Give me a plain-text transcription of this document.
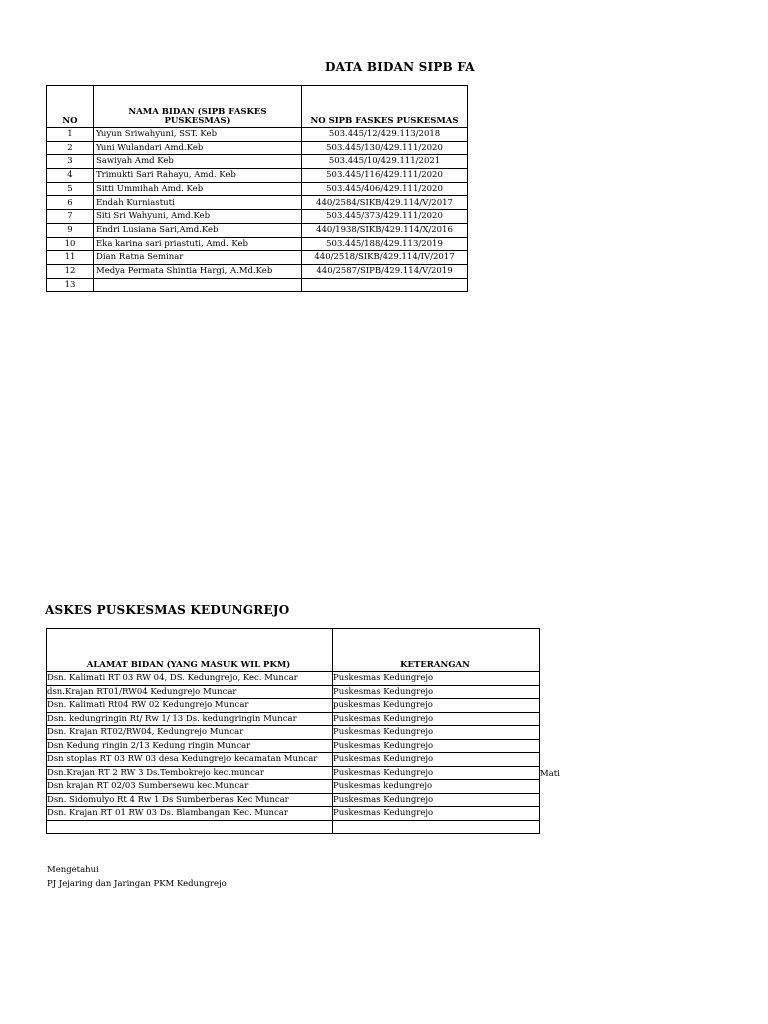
DATA BIDAN SIPB FA
NO	NAMA BIDAN (SIPB FASKES PUSKESMAS)	NO SIPB FASKES PUSKESMAS
1	Yuyun Sriwahyuni, SST. Keb	503.445/12/429.113/2018
2	Yuni Wulandari Amd.Keb	503.445/130/429.111/2020
3	Sawiyah Amd Keb	503.445/10/429.111/2021
4	Trimukti Sari Rahayu, Amd. Keb	503.445/116/429.111/2020
5	Sitti Ummihah Amd. Keb	503.445/406/429.111/2020
6	Endah Kurniastuti	440/2584/SIKB/429.114/V/2017
7	Siti Sri Wahyuni, Amd.Keb	503.445/373/429.111/2020
9	Endri Lusiana Sari,Amd.Keb	440/1938/SIKB/429.114/X/2016
10	Eka karina sari priastuti, Amd. Keb	503.445/188/429.113/2019
11	Dian Ratna Seminar	440/2518/SIKB/429.114/IV/2017
12	Medya Permata Shintia Hargi, A.Md.Keb	440/2587/SIPB/429.114/V/2019
13		
ASKES PUSKESMAS KEDUNGREJO
ALAMAT BIDAN (YANG MASUK WIL PKM)	KETERANGAN
Dsn. Kalimati RT 03 RW 04, DS. Kedungrejo, Kec. Muncar	Puskesmas Kedungrejo
dsn.Krajan RT01/RW04 Kedungrejo Muncar	Puskesmas Kedungrejo
Dsn. Kalimati Rt04 RW 02 Kedungrejo Muncar	puskesmas Kedungrejo
Dsn. kedungringin Rt/ Rw 1/ 13 Ds. kedungringin Muncar	Puskesmas Kedungrejo
Dsn. Krajan RT02/RW04, Kedungrejo Muncar	Puskesmas Kedungrejo
Dsn Kedung ringin 2/13 Kedung ringin Muncar	Puskesmas Kedungrejo
Dsn stoplas RT 03 RW 03 desa Kedungrejo kecamatan Muncar	Puskesmas Kedungrejo
Dsn.Krajan RT 2 RW 3 Ds.Tembokrejo kec.muncar	Puskesmas Kedungrejo
Dsn krajan RT 02/03 Sumbersewu kec.Muncar	Puskesmas kedungrejo
Dsn. Sidomulyo Rt 4 Rw 1 Ds Sumberberas Kec Muncar	Puskesmas Kedungrejo
Dsn. Krajan RT 01 RW 03 Ds. Blambangan Kec. Muncar	Puskesmas Kedungrejo

Mati
Mengetahui
PJ Jejaring dan Jaringan PKM Kedungrejo
